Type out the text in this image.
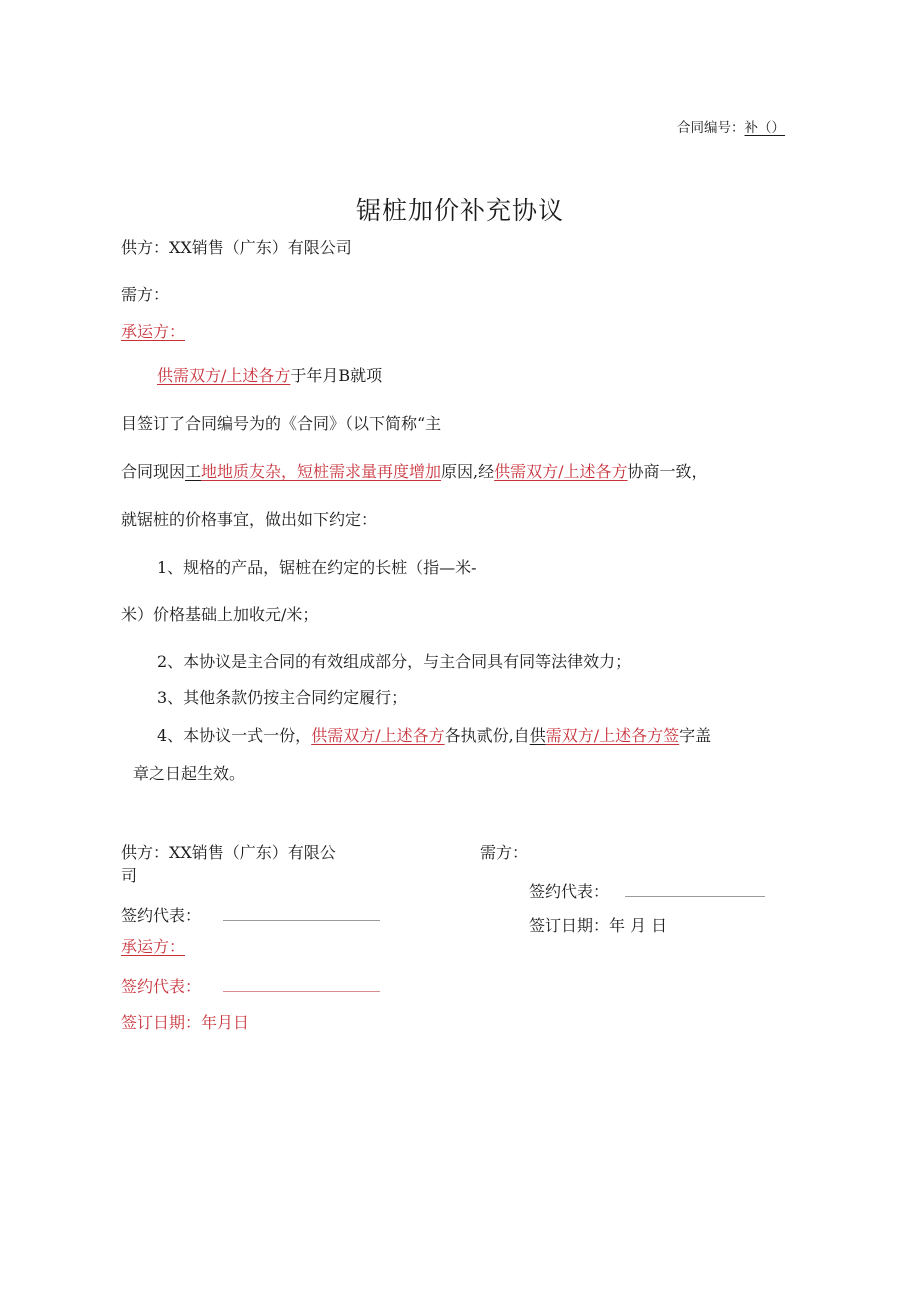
合同编号：补（）
锯桩加价补充协议
供方：XX销售（广东）有限公司
需方：
承运方：
供需双方/上述各方于年月B就项
目签订了合同编号为的《合同》（以下简称“主
合同现因工地地质友杂，短桩需求量再度增加原因,经供需双方/上述各方协商一致，
就锯桩的价格事宜，做出如下约定：
1、规格的产品，锯桩在约定的长桩（指—米-
米）价格基础上加收元/米；
2、本协议是主合同的有效组成部分，与主合同具有同等法律效力；
3、其他条款仍按主合同约定履行；
4、本协议一式一份，供需双方/上述各方各执贰份,自供需双方/上述各方签字盖
章之日起生效。
供方：XX销售（广东）有限公
司
签约代表：
承运方：
签约代表：
签订日期：年月日
需方：
签约代表：
签订日期：年 月 日
